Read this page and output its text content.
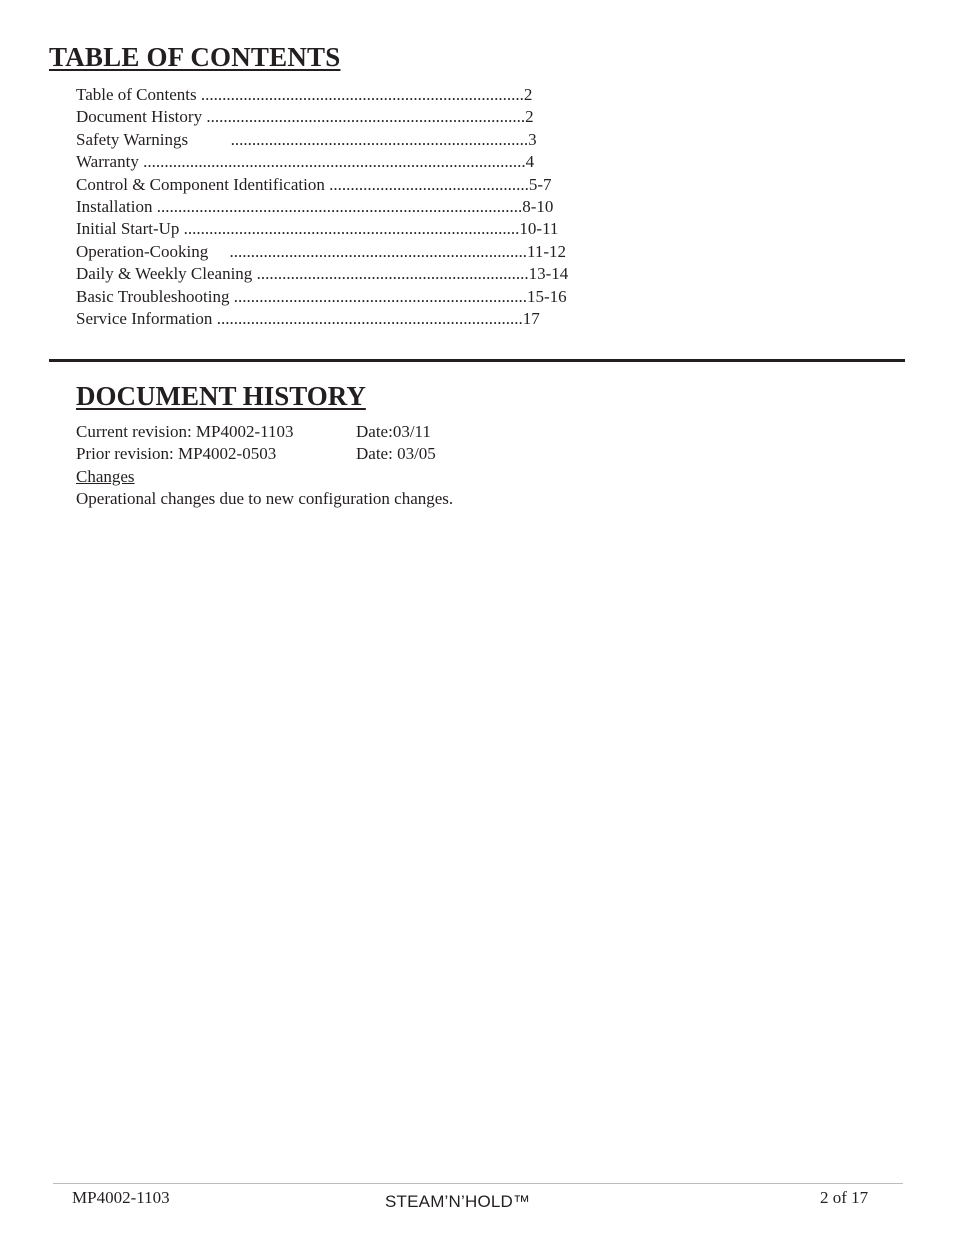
TABLE OF CONTENTS
Table of Contents ............................................................................2
Document History ...........................................................................2
Safety Warnings          ......................................................................3
Warranty ..........................................................................................4
Control & Component Identification ...............................................5-7
Installation ......................................................................................8-10
Initial Start-Up ...............................................................................10-11
Operation-Cooking     ......................................................................11-12
Daily & Weekly Cleaning ................................................................13-14
Basic Troubleshooting .....................................................................15-16
Service Information ........................................................................17
DOCUMENT HISTORY
Current revision: MP4002-1103	Date:03/11
Prior revision: MP4002-0503	Date: 03/05
Changes
Operational changes due to new configuration changes.
MP4002-1103	STEAM’N’HOLD™	2 of 17
